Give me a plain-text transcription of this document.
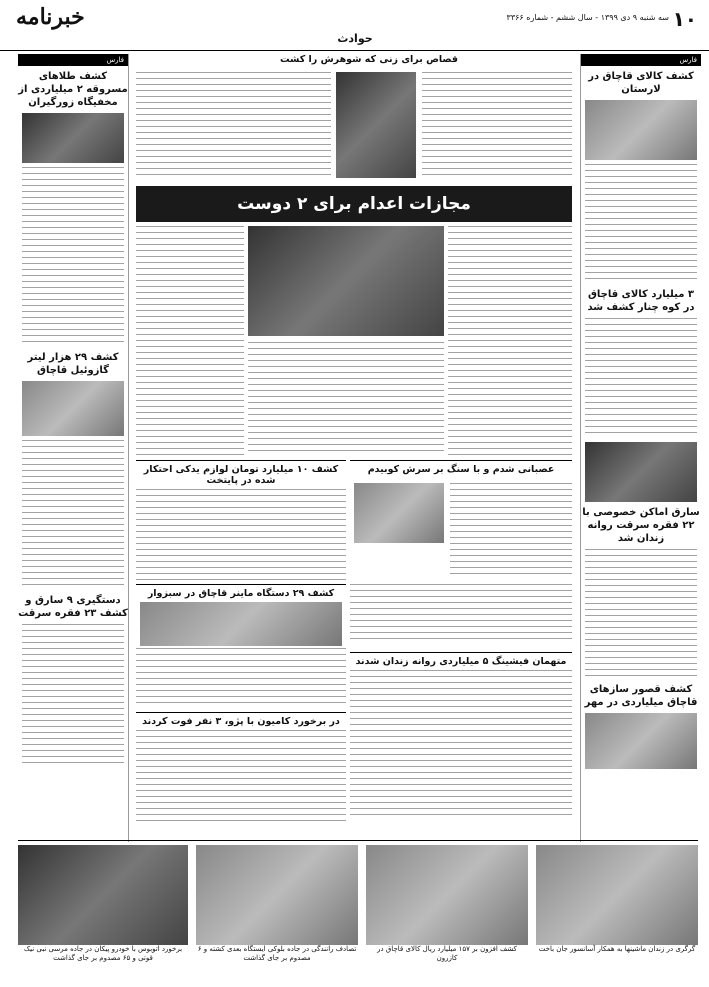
۱۰
سه شنبه ۹ دی ۱۳۹۹ - سال ششم - شماره ۳۳۶۶
خبرنامه
حوادث
فارس
کشف کالای قاچاق در لارستان
۳ میلیارد کالای قاچاق در کوه چنار کشف شد
سارق اماکن خصوصی با ۲۲ فقره سرقت روانه زندان شد
کشف قصور سازهای قاچاق میلیاردی در مهر
فارس
کشف طلاهای مسروقه ۲ میلیاردی از مخفیگاه زورگیران
کشف ۲۹ هزار لیتر گازوئیل قاچاق
دستگیری ۹ سارق و کشف ۲۳ فقره سرقت
قصاص برای زنی که شوهرش را کشت
مجازات اعدام برای ۲ دوست
کشف ۱۰ میلیارد تومان لوازم یدکی احتکار شده در پایتخت
عصبانی شدم و با سنگ بر سرش کوبیدم
کشف ۲۹ دستگاه ماینر قاچاق در سبزوار
متهمان فیشینگ ۵ میلیاردی روانه زندان شدند
در برخورد کامیون با پژو، ۳ نفر فوت کردند
گرگری در زندان ماشینها به همکار آسانسور جان باخت
کشف افزون بر ۱۵۷ میلیارد ریال کالای قاچاق در کازرون
تصادف رانندگی در جاده بلوکی ایستگاه بعدی کشته و ۶ مصدوم بر جای گذاشت
برخورد اتوبوس با خودرو پیکان در جاده مرسی نبی نیک قوتی و ۶۵ مصدوم بر جای گذاشت
